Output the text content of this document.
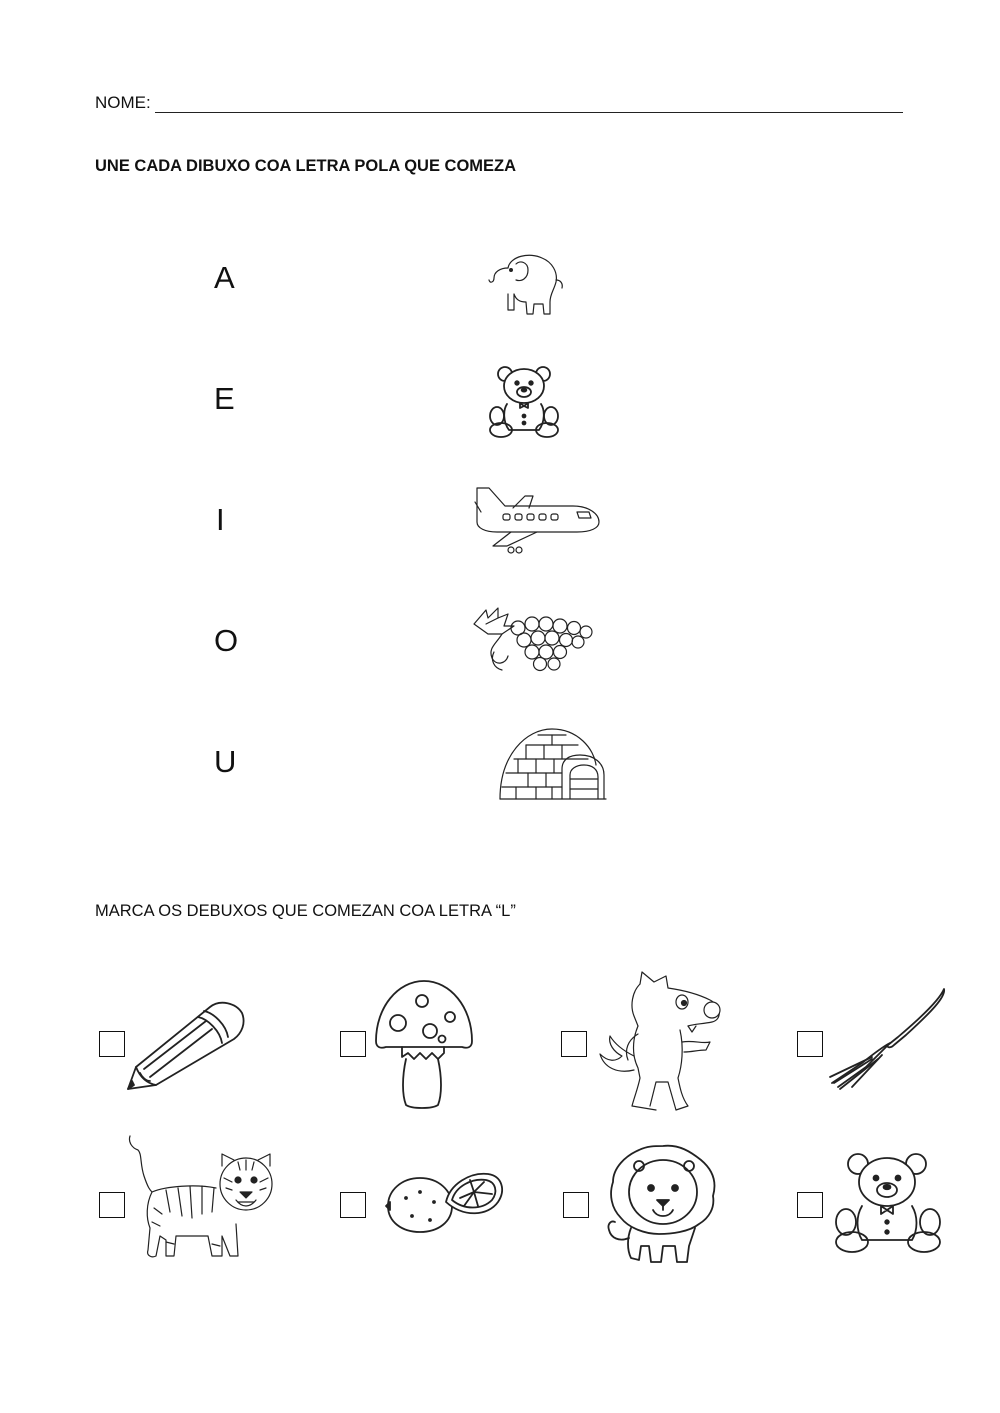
NOME:
UNE CADA DIBUXO COA LETRA POLA QUE COMEZA
A
E
I
O
U
MARCA OS DEBUXOS QUE COMEZAN COA LETRA “L”
